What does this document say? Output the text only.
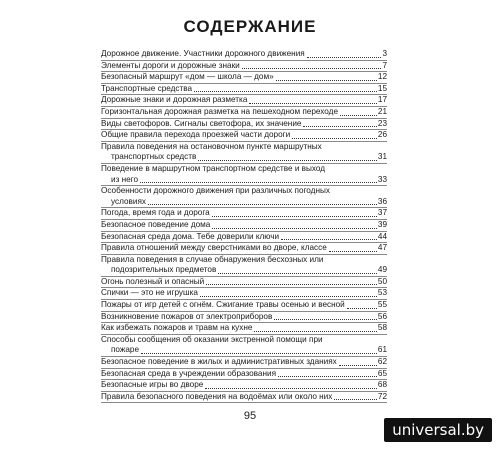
СОДЕРЖАНИЕ
Дорожное движение. Участники дорожного движения	3
Элементы дороги и дорожные знаки	7
Безопасный маршрут «дом — школа — дом»	12
Транспортные средства	15
Дорожные знаки и дорожная разметка	17
Горизонтальная дорожная разметка на пешеходном переходе	21
Виды светофоров. Сигналы светофора, их значение	23
Общие правила перехода проезжей части дороги	26
Правила поведения на остановочном пункте маршрутных
транспортных средств	31
Поведение в маршрутном транспортном средстве и выход
из него	33
Особенности дорожного движения при различных погодных
условиях	36
Погода, время года и дорога	37
Безопасное поведение дома	39
Безопасная среда дома. Тебе доверили ключи	44
Правила отношений между сверстниками во дворе, классе	47
Правила поведения в случае обнаружения бесхозных или
подозрительных предметов	49
Огонь полезный и опасный	50
Спички — это не игрушка	53
Пожары от игр детей с огнём. Сжигание травы осенью и весной	55
Возникновение пожаров от электроприборов	56
Как избежать пожаров и травм на кухне	58
Способы сообщения об оказании экстренной помощи при
пожаре	61
Безопасное поведение в жилых и административных зданиях	62
Безопасная среда в учреждении образования	65
Безопасные игры во дворе	68
Правила безопасного поведения на водоёмах или около них	72
95
universal.by
